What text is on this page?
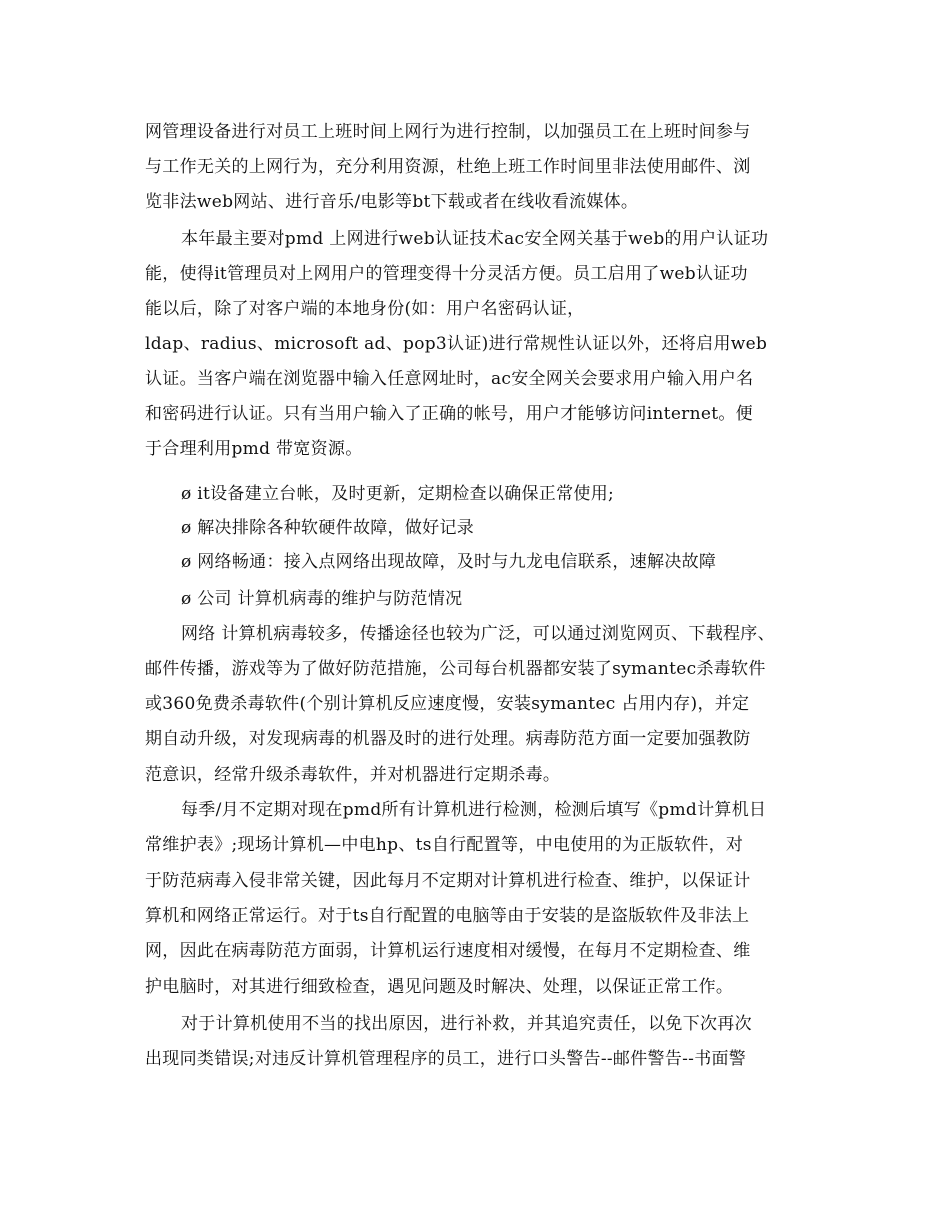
网管理设备进行对员工上班时间上网行为进行控制，以加强员工在上班时间参与
与工作无关的上网行为，充分利用资源，杜绝上班工作时间里非法使用邮件、浏
览非法web网站、进行音乐/电影等bt下载或者在线收看流媒体。
本年最主要对pmd 上网进行web认证技术ac安全网关基于web的用户认证功
能，使得it管理员对上网用户的管理变得十分灵活方便。员工启用了web认证功
能以后，除了对客户端的本地身份(如：用户名密码认证，
ldap、radius、microsoft ad、pop3认证)进行常规性认证以外，还将启用web
认证。当客户端在浏览器中输入任意网址时，ac安全网关会要求用户输入用户名
和密码进行认证。只有当用户输入了正确的帐号，用户才能够访问internet。便
于合理利用pmd 带宽资源。
ø it设备建立台帐，及时更新，定期检查以确保正常使用;
ø 解决排除各种软硬件故障，做好记录
ø 网络畅通：接入点网络出现故障，及时与九龙电信联系，速解决故障
ø 公司 计算机病毒的维护与防范情况
网络 计算机病毒较多，传播途径也较为广泛，可以通过浏览网页、下载程序、
邮件传播，游戏等为了做好防范措施，公司每台机器都安装了symantec杀毒软件
或360免费杀毒软件(个别计算机反应速度慢，安装symantec 占用内存)，并定
期自动升级，对发现病毒的机器及时的进行处理。病毒防范方面一定要加强教防
范意识，经常升级杀毒软件，并对机器进行定期杀毒。
每季/月不定期对现在pmd所有计算机进行检测，检测后填写《pmd计算机日
常维护表》;现场计算机—中电hp、ts自行配置等，中电使用的为正版软件，对
于防范病毒入侵非常关键，因此每月不定期对计算机进行检查、维护，以保证计
算机和网络正常运行。对于ts自行配置的电脑等由于安装的是盗版软件及非法上
网，因此在病毒防范方面弱，计算机运行速度相对缓慢，在每月不定期检查、维
护电脑时，对其进行细致检查，遇见问题及时解决、处理，以保证正常工作。
对于计算机使用不当的找出原因，进行补救，并其追究责任，以免下次再次
出现同类错误;对违反计算机管理程序的员工，进行口头警告--邮件警告--书面警
